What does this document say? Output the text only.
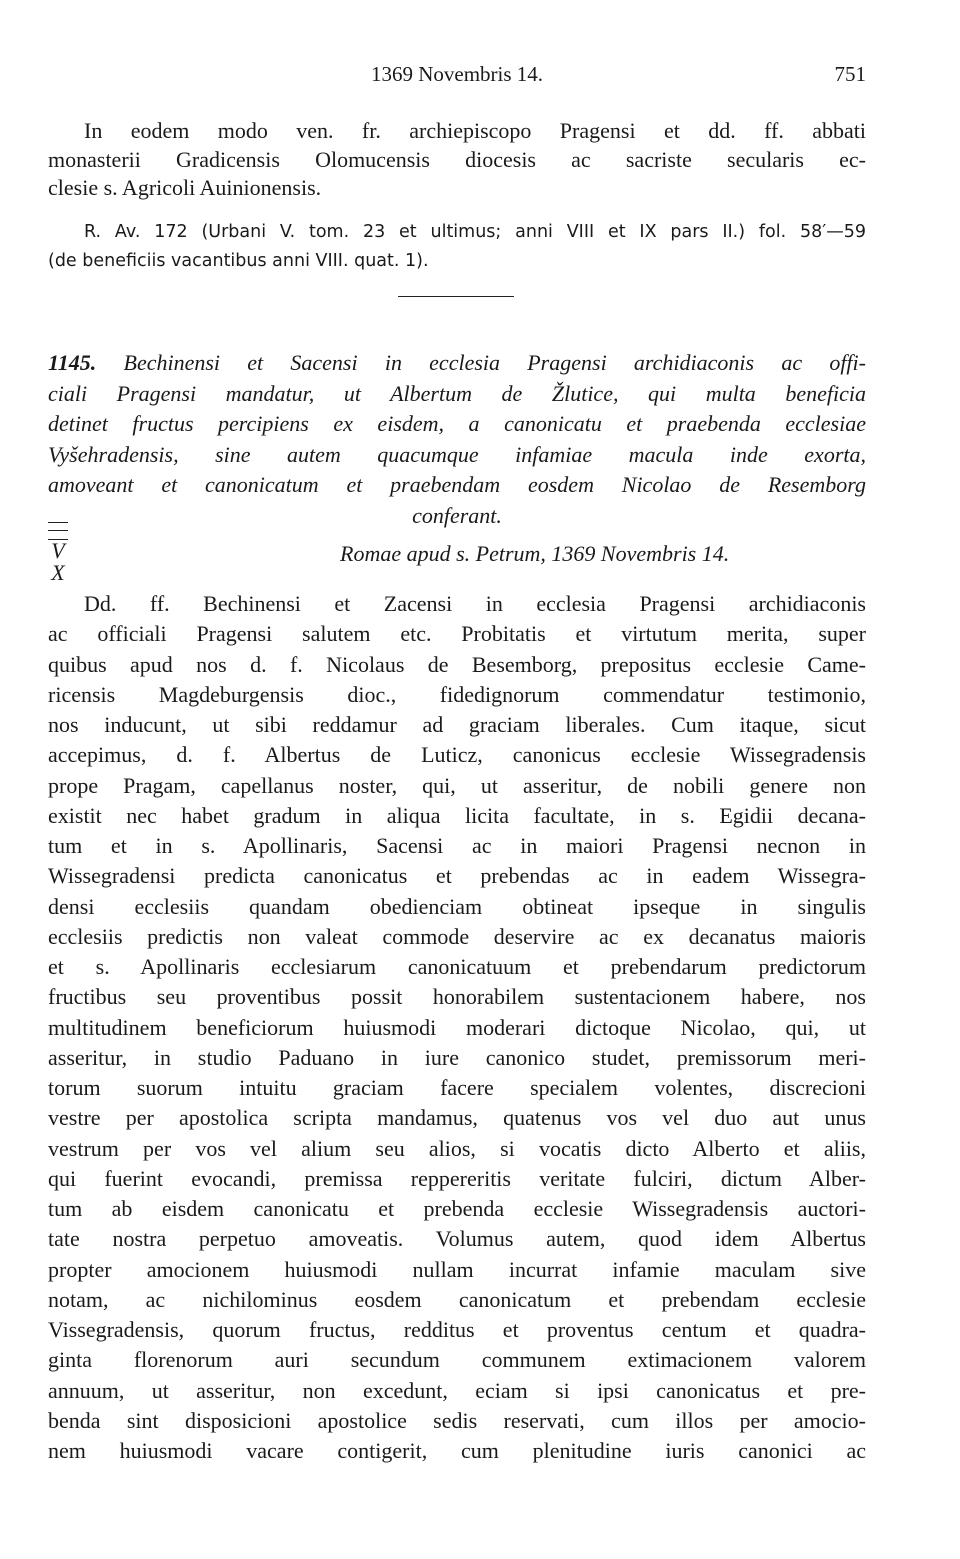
1369 Novembris 14.	751
In eodem modo ven. fr. archiepiscopo Pragensi et dd. ff. abbati
monasterii Gradicensis Olomucensis diocesis ac sacriste secularis ec-
clesie s. Agricoli Auinionensis.
R. Av. 172 (Urbani V. tom. 23 et ultimus; anni VIII et IX pars II.) fol. 58′—59
(de beneficiis vacantibus anni VIII. quat. 1).
1145. Bechinensi et Sacensi in ecclesia Pragensi archidiaconis ac offi-
ciali Pragensi mandatur, ut Albertum de Žlutice, qui multa beneficia
detinet fructus percipiens ex eisdem, a canonicatu et praebenda ecclesiae
Vyšehradensis, sine autem quacumque infamiae macula inde exorta,
amoveant et canonicatum et praebendam eosdem Nicolao de Resemborg
conferant.
V
X
Romae apud s. Petrum, 1369 Novembris 14.
Dd. ff. Bechinensi et Zacensi in ecclesia Pragensi archidiaconis
ac officiali Pragensi salutem etc. Probitatis et virtutum merita, super
quibus apud nos d. f. Nicolaus de Besemborg, prepositus ecclesie Came-
ricensis Magdeburgensis dioc., fidedignorum commendatur testimonio,
nos inducunt, ut sibi reddamur ad graciam liberales. Cum itaque, sicut
accepimus, d. f. Albertus de Luticz, canonicus ecclesie Wissegradensis
prope Pragam, capellanus noster, qui, ut asseritur, de nobili genere non
existit nec habet gradum in aliqua licita facultate, in s. Egidii decana-
tum et in s. Apollinaris, Sacensi ac in maiori Pragensi necnon in
Wissegradensi predicta canonicatus et prebendas ac in eadem Wissegra-
densi ecclesiis quandam obedienciam obtineat ipseque in singulis
ecclesiis predictis non valeat commode deservire ac ex decanatus maioris
et s. Apollinaris ecclesiarum canonicatuum et prebendarum predictorum
fructibus seu proventibus possit honorabilem sustentacionem habere, nos
multitudinem beneficiorum huiusmodi moderari dictoque Nicolao, qui, ut
asseritur, in studio Paduano in iure canonico studet, premissorum meri-
torum suorum intuitu graciam facere specialem volentes, discrecioni
vestre per apostolica scripta mandamus, quatenus vos vel duo aut unus
vestrum per vos vel alium seu alios, si vocatis dicto Alberto et aliis,
qui fuerint evocandi, premissa reppereritis veritate fulciri, dictum Alber-
tum ab eisdem canonicatu et prebenda ecclesie Wissegradensis auctori-
tate nostra perpetuo amoveatis. Volumus autem, quod idem Albertus
propter amocionem huiusmodi nullam incurrat infamie maculam sive
notam, ac nichilominus eosdem canonicatum et prebendam ecclesie
Vissegradensis, quorum fructus, redditus et proventus centum et quadra-
ginta florenorum auri secundum communem extimacionem valorem
annuum, ut asseritur, non excedunt, eciam si ipsi canonicatus et pre-
benda sint disposicioni apostolice sedis reservati, cum illos per amocio-
nem huiusmodi vacare contigerit, cum plenitudine iuris canonici ac
